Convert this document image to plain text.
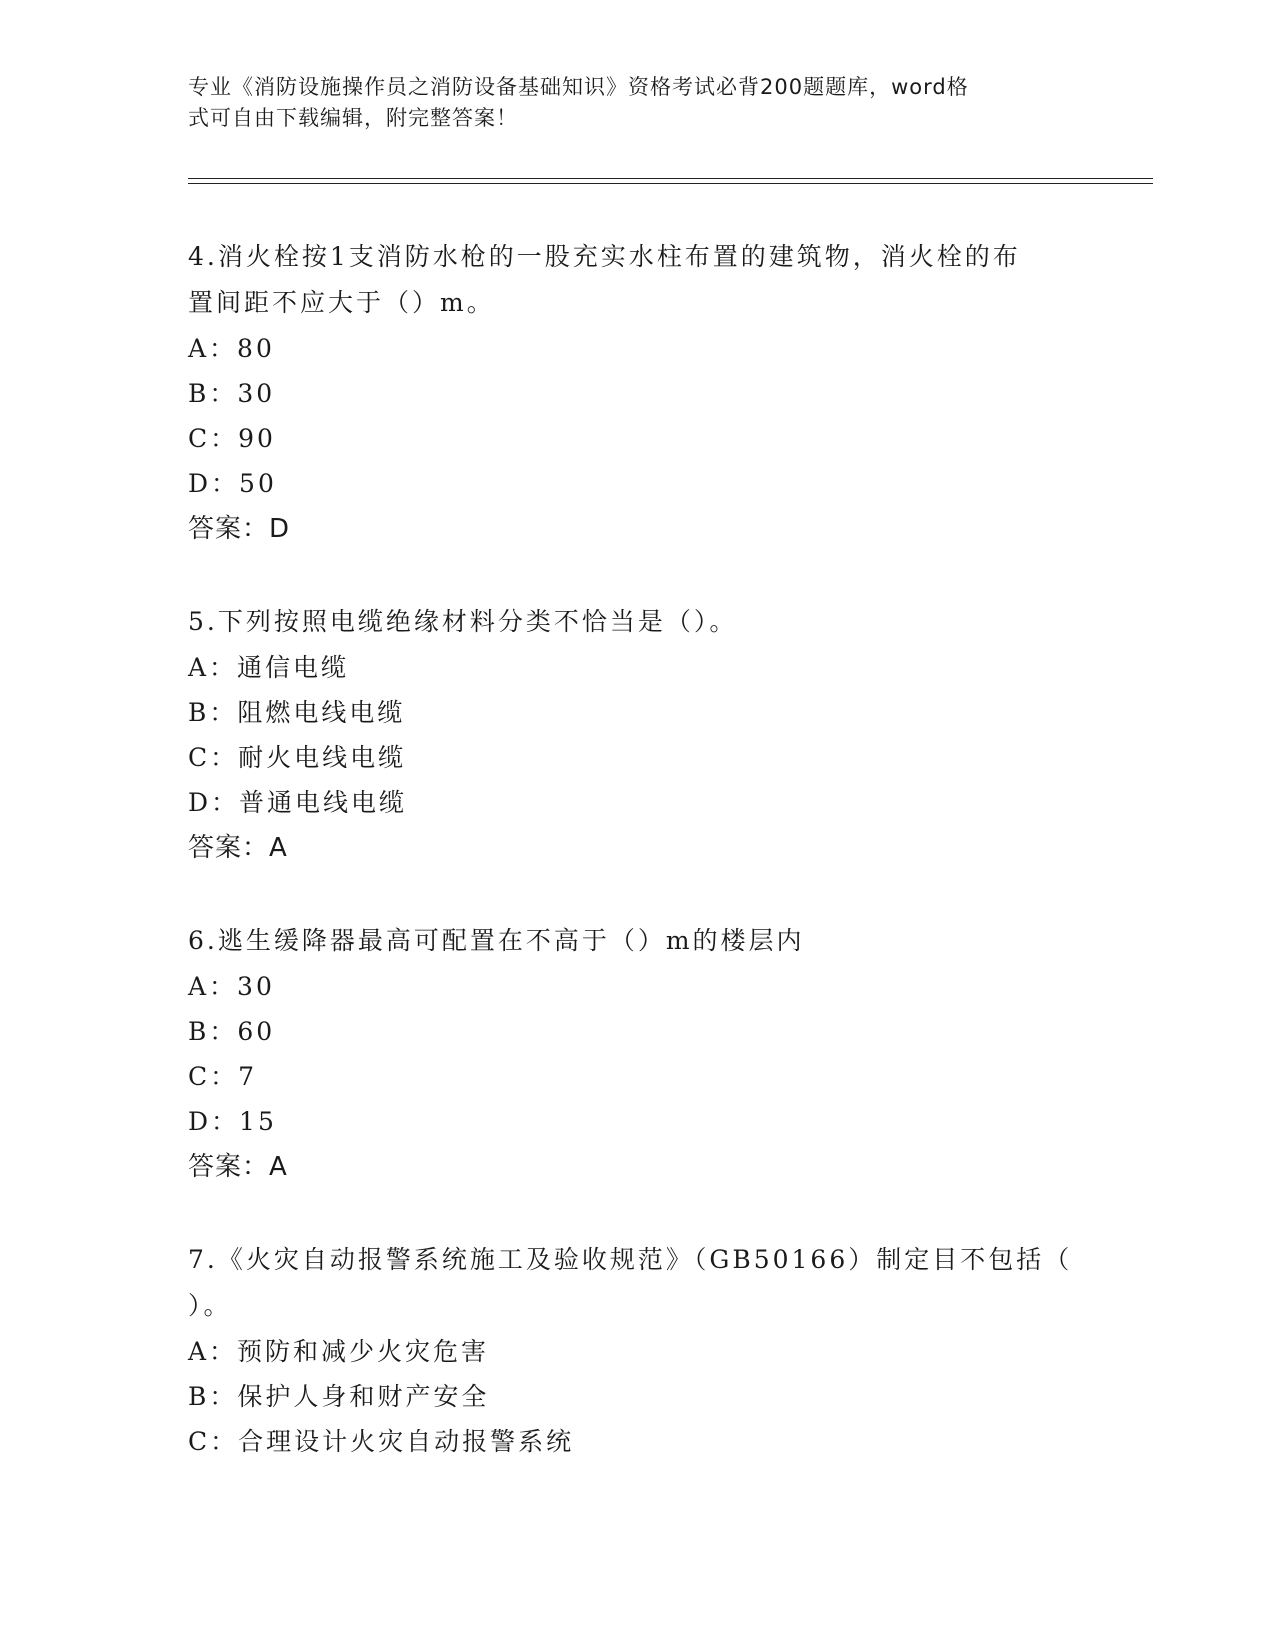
专业《消防设施操作员之消防设备基础知识》资格考试必背200题题库，word格
式可自由下载编辑，附完整答案！
4.消火栓按1支消防水枪的一股充实水柱布置的建筑物，消火栓的布
置间距不应大于（）m。
A：80
B：30
C：90
D：50
答案：D
5.下列按照电缆绝缘材料分类不恰当是（）。
A：通信电缆
B：阻燃电线电缆
C：耐火电线电缆
D：普通电线电缆
答案：A
6.逃生缓降器最高可配置在不高于（）m的楼层内
A：30
B：60
C：7
D：15
答案：A
7.《火灾自动报警系统施工及验收规范》（GB50166）制定目不包括（
）。
A：预防和减少火灾危害
B：保护人身和财产安全
C：合理设计火灾自动报警系统
